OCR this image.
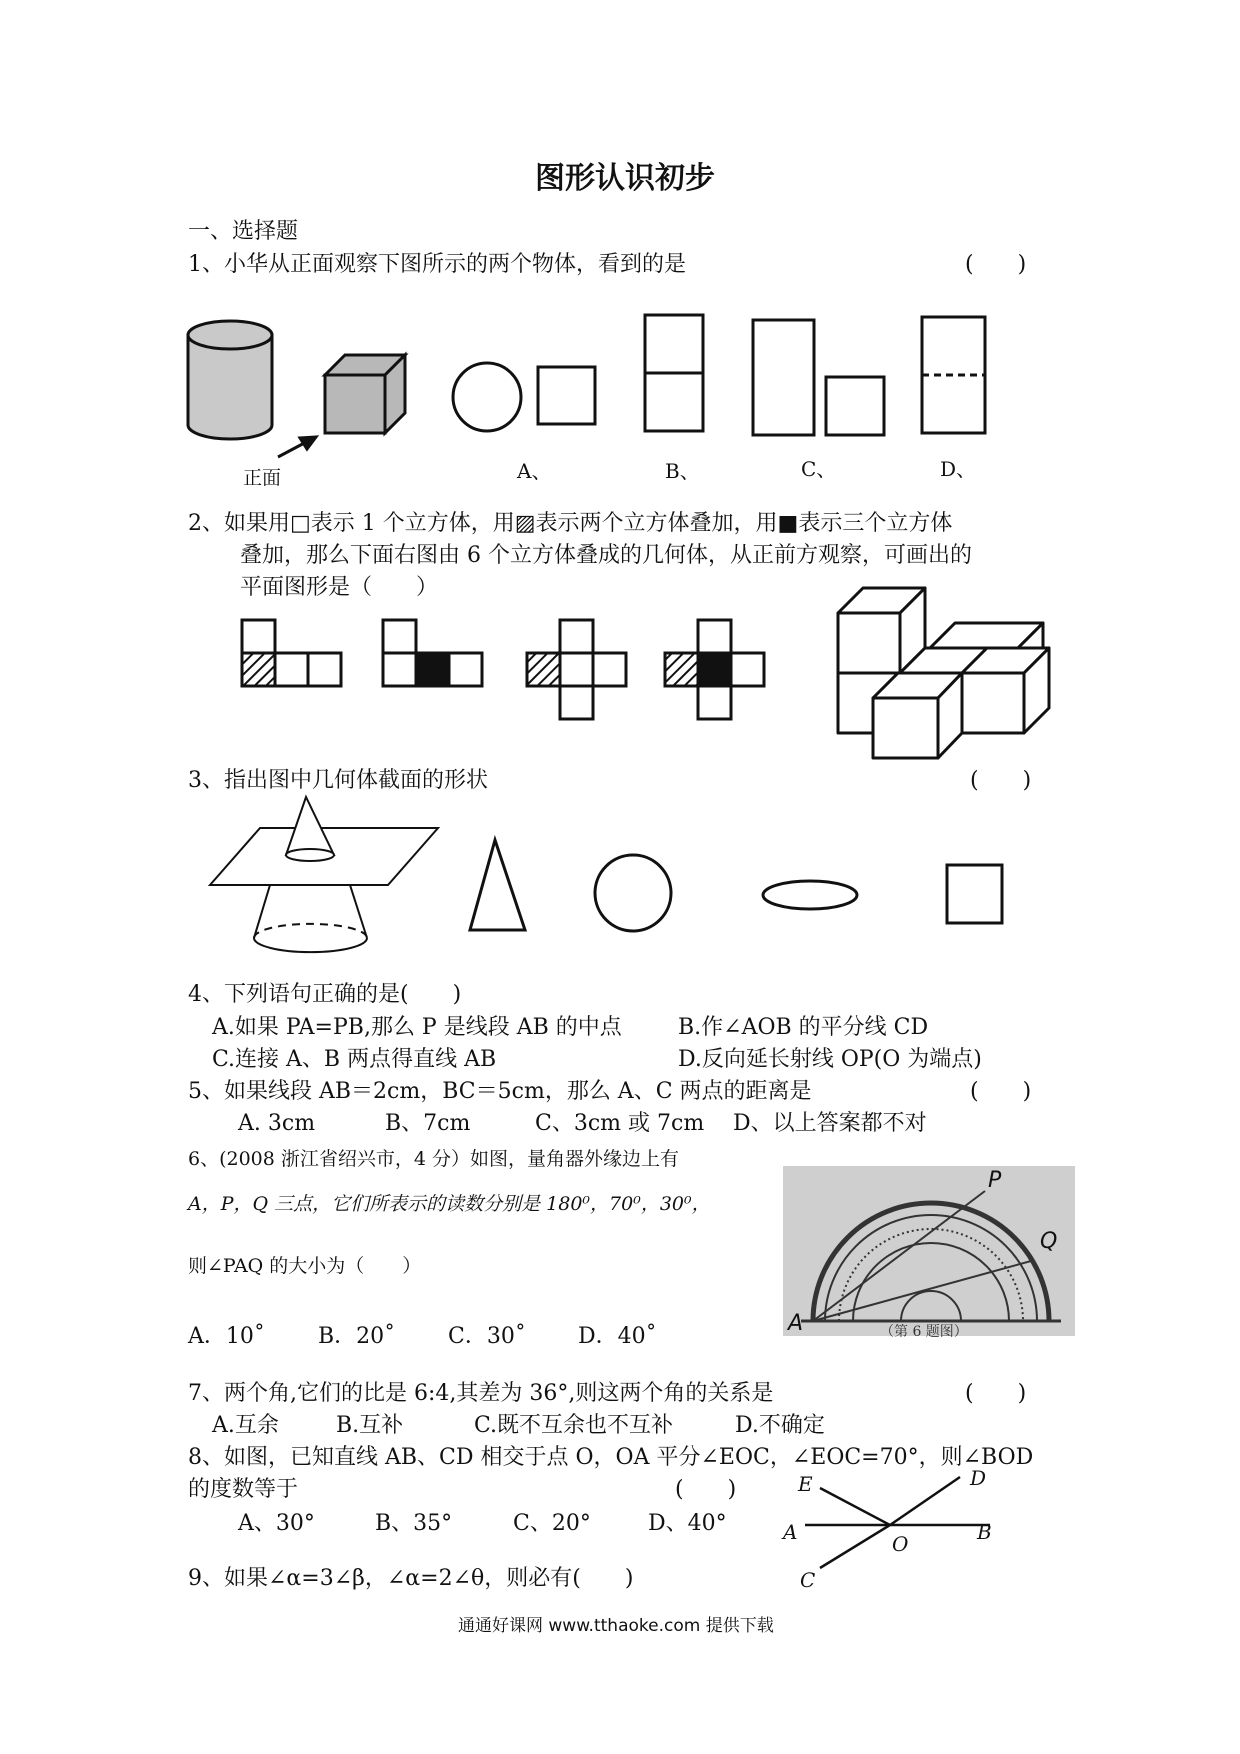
图形认识初步
一、选择题
1、小华从正面观察下图所示的两个物体，看到的是	(　　)
正面	A、	B、	C、	D、
2、如果用□表示 1 个立方体，用▨表示两个立方体叠加，用■表示三个立方体
叠加，那么下面右图由 6 个立方体叠成的几何体，从正前方观察，可画出的
平面图形是（　　）
3、指出图中几何体截面的形状	(　　)
4、下列语句正确的是(　　)
A.如果 PA=PB,那么 P 是线段 AB 的中点	B.作∠AOB 的平分线 CD
C.连接 A、B 两点得直线 AB	D.反向延长射线 OP(O 为端点)
5、如果线段 AB＝2cm，BC＝5cm，那么 A、C 两点的距离是	(　　)
A. 3cm	B、7cm	C、3cm 或 7cm D、以上答案都不对
6、(2008 浙江省绍兴市，4 分）如图，量角器外缘边上有
A，P，Q 三点，它们所表示的读数分别是 180⁰，70⁰，30⁰，
则∠PAQ 的大小为（　　）
A．10˚ B．20˚ C．30˚ D．40˚
P
Q
A	（第 6 题图）
7、两个角,它们的比是 6:4,其差为 36°,则这两个角的关系是	(　　)
A.互余	B.互补	C.既不互余也不互补	D.不确定
8、如图，已知直线 AB、CD 相交于点 O，OA 平分∠EOC，∠EOC=70°，则∠BOD
的度数等于	(　　)
A、30°	B、35°	C、20°	D、40°
E	D
A	B
O
C
9、如果∠α=3∠β，∠α=2∠θ，则必有(　　)
通通好课网 www.tthaoke.com 提供下载
